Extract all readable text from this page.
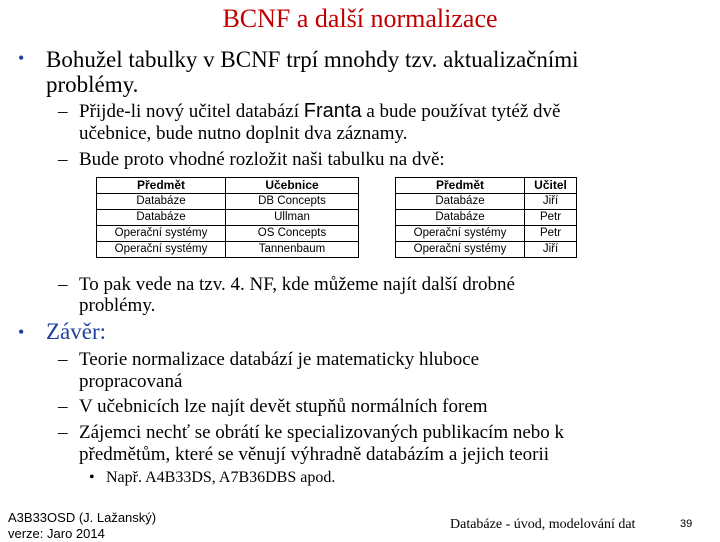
BCNF a další normalizace
• Bohužel tabulky v BCNF trpí mnohdy tzv. aktualizačními
problémy.
– Přijde-li nový učitel databází Franta a bude používat tytéž dvě
učebnice, bude nutno doplnit dva záznamy.
– Bude proto vhodné rozložit naši tabulku na dvě:
Předmět	Učebnice
Databáze	DB Concepts
Databáze	Ullman
Operační systémy	OS Concepts
Operační systémy	Tannenbaum
Předmět	Učitel
Databáze	Jiří
Databáze	Petr
Operační systémy	Petr
Operační systémy	Jiří
– To pak vede na tzv. 4. NF, kde můžeme najít další drobné
problémy.
• Závěr:
– Teorie normalizace databází je matematicky hluboce
propracovaná
– V učebnicích lze najít devět stupňů normálních forem
– Zájemci nechť se obrátí ke specializovaných publikacím nebo k
předmětům, které se věnují výhradně databázím a jejich teorii
• Např. A4B33DS, A7B36DBS apod.
A3B33OSD (J. Lažanský)
verze: Jaro 2014
Databáze - úvod, modelování dat	39
